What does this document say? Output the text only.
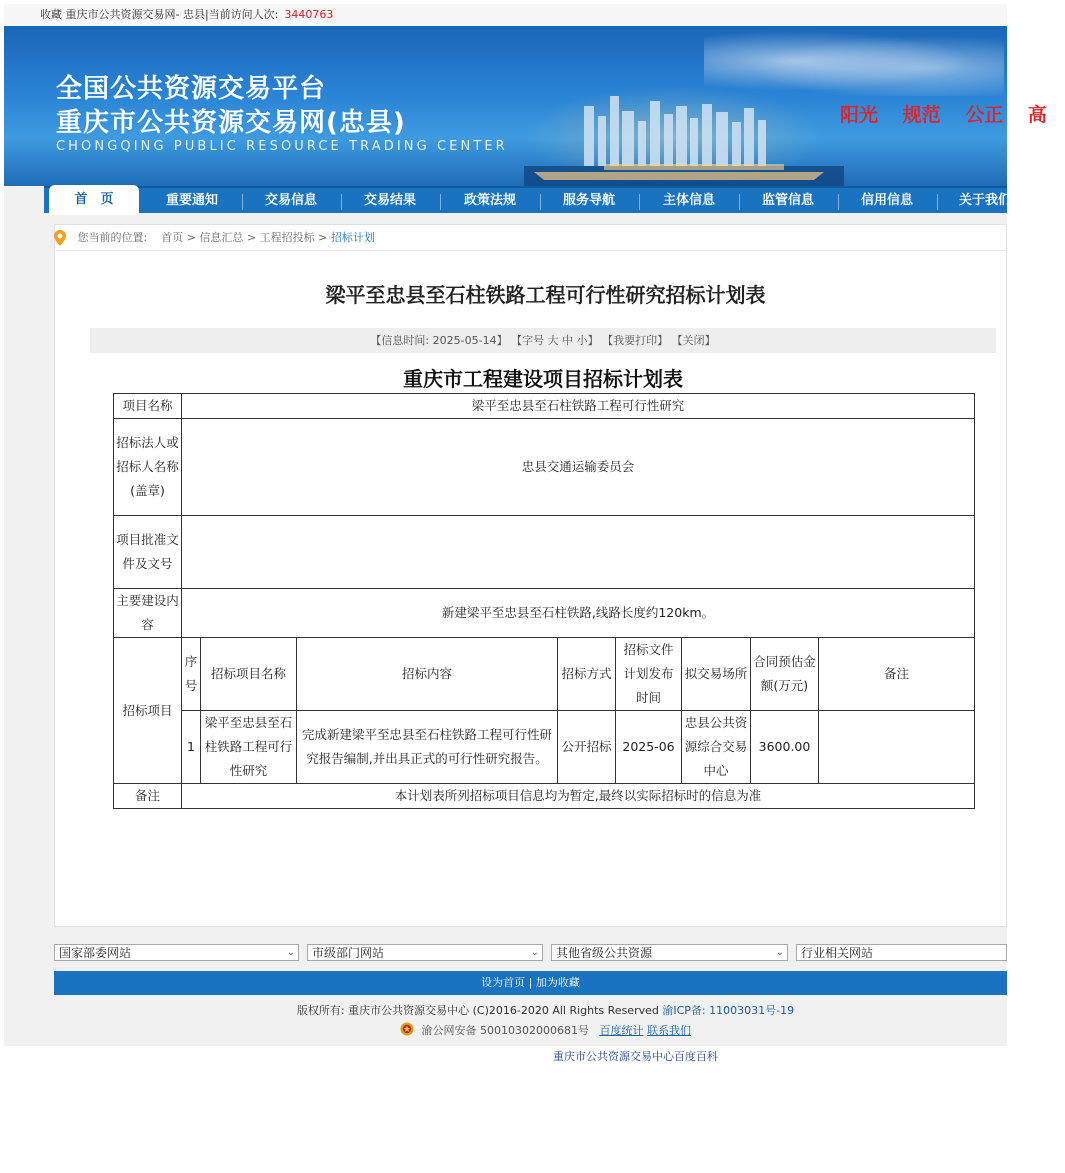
收藏 重庆市公共资源交易网- 忠县|当前访问人次: 3440763
全国公共资源交易平台
重庆市公共资源交易网(忠县)
CHONGQING PUBLIC RESOURCE TRADING CENTER
阳光 规范 公正 高
首　页	重要通知	交易信息	交易结果	政策法规	服务导航	主体信息	监管信息	信用信息	关于我们
您当前的位置: 首页 > 信息汇总 > 工程招投标 > 招标计划
梁平至忠县至石柱铁路工程可行性研究招标计划表
【信息时间: 2025-05-14】 【字号 大 中 小】 【我要打印】 【关闭】
重庆市工程建设项目招标计划表
项目名称	梁平至忠县至石柱铁路工程可行性研究							
招标法人或招标人名称(盖章)	忠县交通运输委员会							
项目批准文件及文号								
主要建设内容	新建梁平至忠县至石柱铁路,线路长度约120km。							
招标项目	序号	招标项目名称	招标内容	招标方式	招标文件计划发布时间	拟交易场所	合同预估金额(万元)	备注
	1	梁平至忠县至石柱铁路工程可行性研究	完成新建梁平至忠县至石柱铁路工程可行性研究报告编制,并出具正式的可行性研究报告。	公开招标	2025-06	忠县公共资源综合交易中心	3600.00	
备注	本计划表所列招标项目信息均为暂定,最终以实际招标时的信息为准							
国家部委网站	⌄	市级部门网站	⌄	其他省级公共资源	⌄	行业相关网站
设为首页 | 加为收藏
版权所有: 重庆市公共资源交易中心 (C)2016-2020 All Rights Reserved 渝ICP备: 11003031号-19
渝公网安备 50010302000681号 百度统计 联系我们
重庆市公共资源交易中心百度百科
